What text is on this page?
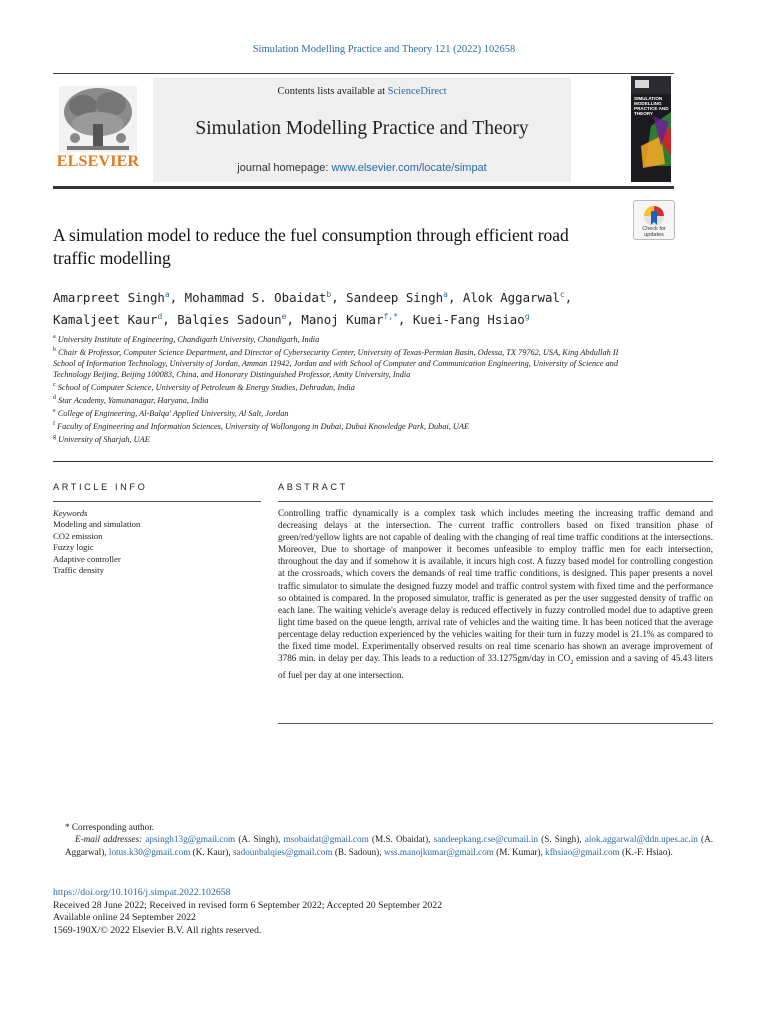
Simulation Modelling Practice and Theory 121 (2022) 102658
ELSEVIER
Contents lists available at ScienceDirect
Simulation Modelling Practice and Theory
journal homepage: www.elsevier.com/locate/simpat
SIMULATION MODELLING PRACTICE AND THEORY
Check for updates
A simulation model to reduce the fuel consumption through efficient road traffic modelling
Amarpreet Singh$^a$, Mohammad S. Obaidat$^b$, Sandeep Singh$^a$, Alok Aggarwal$^c$, Kamaljeet Kaur$^d$, Balqies Sadoun$^e$, Manoj Kumar$^{f,*}$, Kuei-Fang Hsiao$^g$
$^a$ University Institute of Engineering, Chandigarh University, Chandigarh, India
$^b$ Chair & Professor, Computer Science Department, and Director of Cybersecurity Center, University of Texas-Permian Basin, Odessa, TX 79762, USA, King Abdullah II School of Information Technology, University of Jordan, Amman 11942, Jordan and with School of Computer and Communication Engineering, University of Science and Technology Beijing, Beijing 100083, China, and Honorary Distinguished Professor, Amity University, India
$^c$ School of Computer Science, University of Petroleum & Energy Studies, Dehradun, India
$^d$ Star Academy, Yamunanagar, Haryana, India
$^e$ College of Engineering, Al-Balqa' Applied University, Al Salt, Jordan
$^f$ Faculty of Engineering and Information Sciences, University of Wollongong in Dubai, Dubai Knowledge Park, Dubai, UAE
$^g$ University of Sharjah, UAE
ARTICLE INFO	ABSTRACT
Keywords
Modeling and simulation
CO2 emission
Fuzzy logic
Adaptive controller
Traffic density
Controlling traffic dynamically is a complex task which includes meeting the increasing traffic demand and decreasing delays at the intersection. The current traffic controllers based on fixed transition phase of green/red/yellow lights are not capable of dealing with the changing of real time traffic conditions at the intersections. Moreover, Due to shortage of manpower it becomes unfeasible to employ traffic men for each intersection, throughout the day and if somehow it is available, it incurs high cost. A fuzzy based model for controlling congestion at the crossroads, which covers the demands of real time traffic conditions, is designed. This paper presents a novel traffic simulator to simulate the designed fuzzy model and traffic control system with fixed time and the performance so obtained is compared. In the proposed simulator, traffic is generated as per the user suggested density of traffic on each lane. The waiting vehicle's average delay is reduced effectively in fuzzy controlled model due to adaptive green light time based on the queue length, arrival rate of vehicles and the waiting time. It has been noticed that the average percentage delay reduction experienced by the vehicles waiting for their turn in fuzzy model is 21.1% as compared to the fixed time model. Experimentally observed results on real time scenario has shown an average improvement of 3786 min. in delay per day. This leads to a reduction of 33.1275gm/day in $CO_2$ emission and a saving of 45.43 liters of fuel per day at one intersection.
* Corresponding author.
E-mail addresses: apsingh13g@gmail.com (A. Singh), msobaidat@gmail.com (M.S. Obaidat), sandeepkang.cse@cumail.in (S. Singh), alok.aggarwal@ddn.upes.ac.in (A. Aggarwal), lotus.k30@gmail.com (K. Kaur), sadounbalqies@gmail.com (B. Sadoun), wss.manojkumar@gmail.com (M. Kumar), kfhsiao@gmail.com (K.-F. Hsiao).
https://doi.org/10.1016/j.simpat.2022.102658
Received 28 June 2022; Received in revised form 6 September 2022; Accepted 20 September 2022
Available online 24 September 2022
1569-190X/© 2022 Elsevier B.V. All rights reserved.
